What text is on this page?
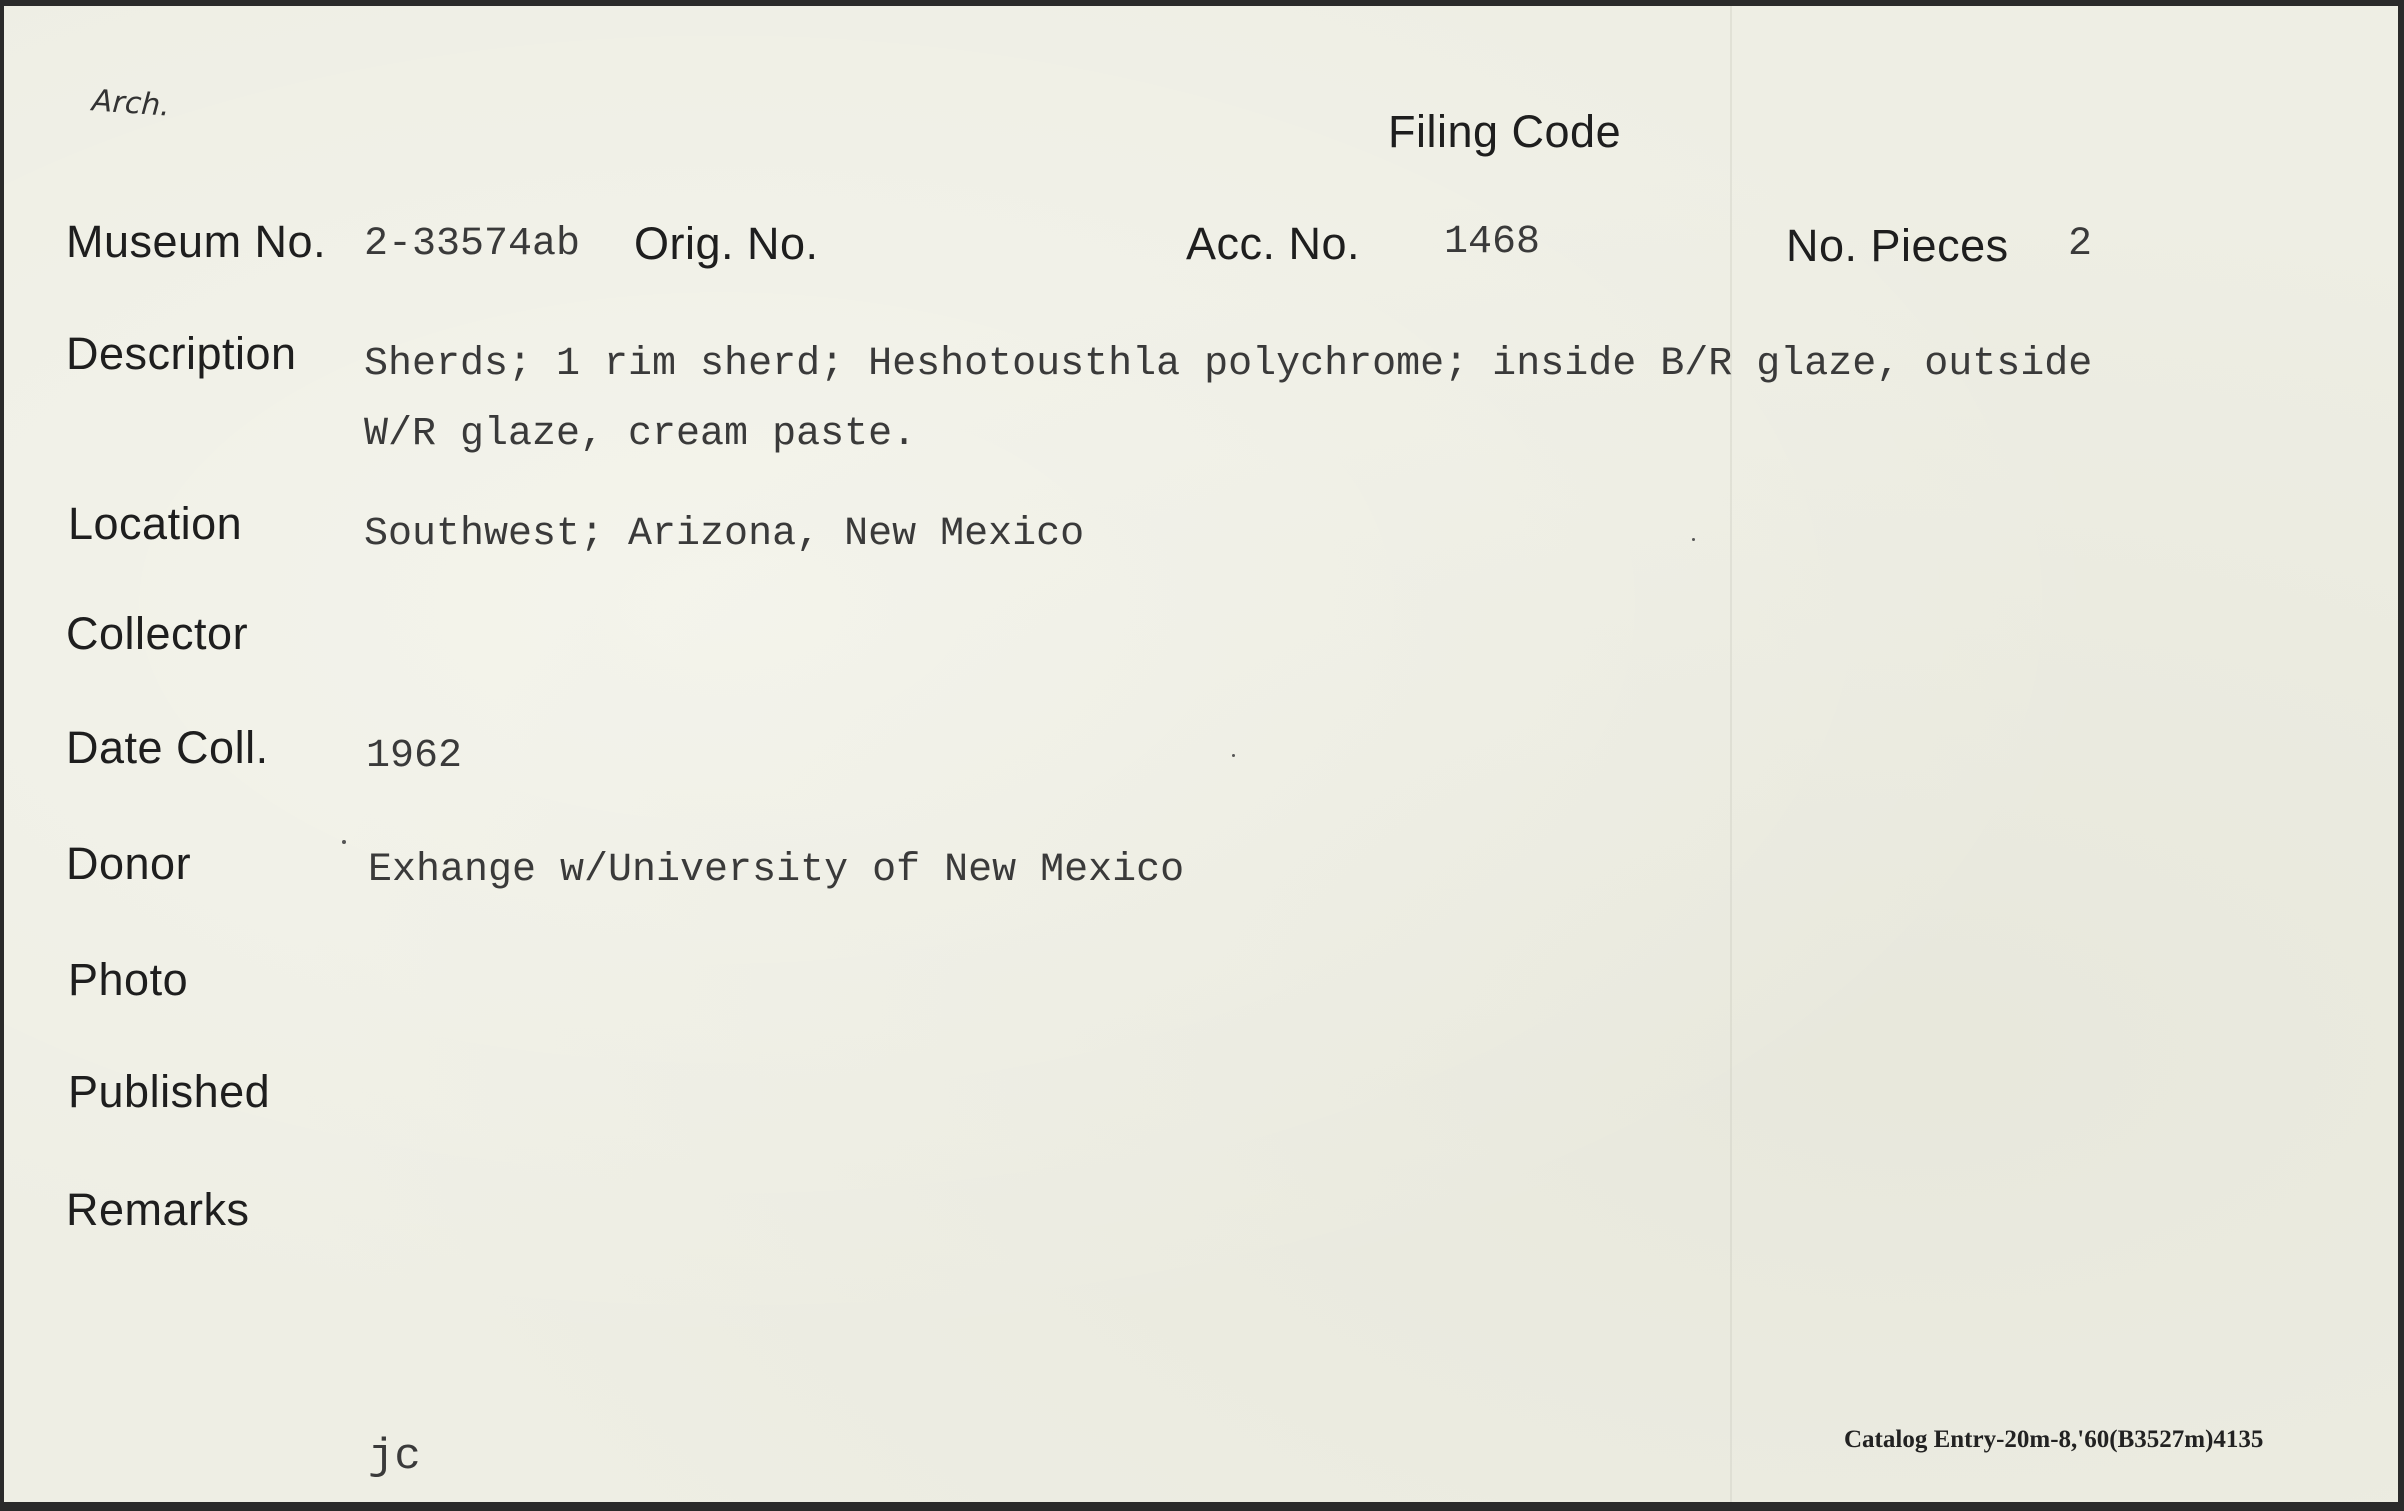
Arch.
Filing Code
Museum No. 2-33574ab Orig. No.	Acc. No. 1468	No. Pieces 2
Description Sherds; 1 rim sherd; Heshotousthla polychrome; inside B/R glaze, outside
W/R glaze, cream paste.
Location	Southwest; Arizona, New Mexico
Collector
Date Coll. 1962
Donor	Exhange w/University of New Mexico
Photo
Published
Remarks
jc	Catalog Entry-20m-8,'60(B3527m)4135
